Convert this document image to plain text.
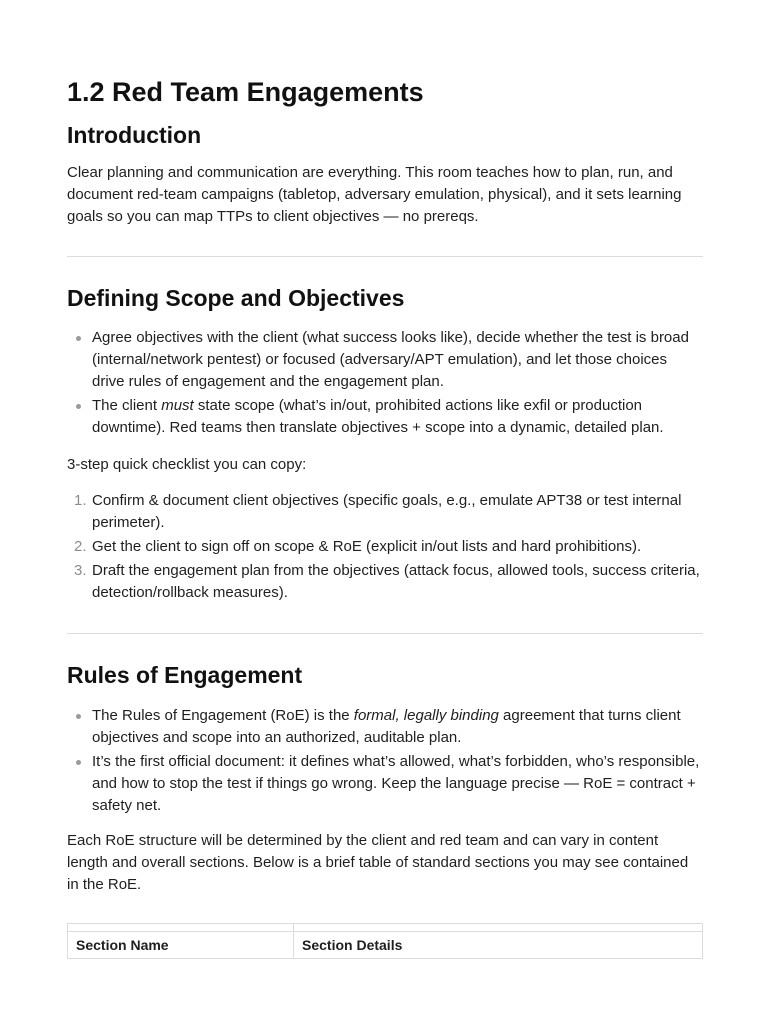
1.2 Red Team Engagements
Introduction

Clear planning and communication are everything. This room teaches how to plan, run, and document red-team campaigns (tabletop, adversary emulation, physical), and it sets learning goals so you can map TTPs to client objectives — no prereqs.

Defining Scope and Objectives
Agree objectives with the client (what success looks like), decide whether the test is broad (internal/network pentest) or focused (adversary/APT emulation), and let those choices drive rules of engagement and the engagement plan.
The client must state scope (what’s in/out, prohibited actions like exfil or production downtime). Red teams then translate objectives + scope into a dynamic, detailed plan.

3-step quick checklist you can copy:

1. Confirm & document client objectives (specific goals, e.g., emulate APT38 or test internal perimeter).
2. Get the client to sign off on scope & RoE (explicit in/out lists and hard prohibitions).
3. Draft the engagement plan from the objectives (attack focus, allowed tools, success criteria, detection/rollback measures).
Rules of Engagement
The Rules of Engagement (RoE) is the formal, legally binding agreement that turns client objectives and scope into an authorized, auditable plan.
It’s the first official document: it defines what’s allowed, what’s forbidden, who’s responsible, and how to stop the test if things go wrong. Keep the language precise — RoE = contract + safety net.

Each RoE structure will be determined by the client and red team and can vary in content length and overall sections. Below is a brief table of standard sections you may see contained in the RoE.

Section Name	Section Details
